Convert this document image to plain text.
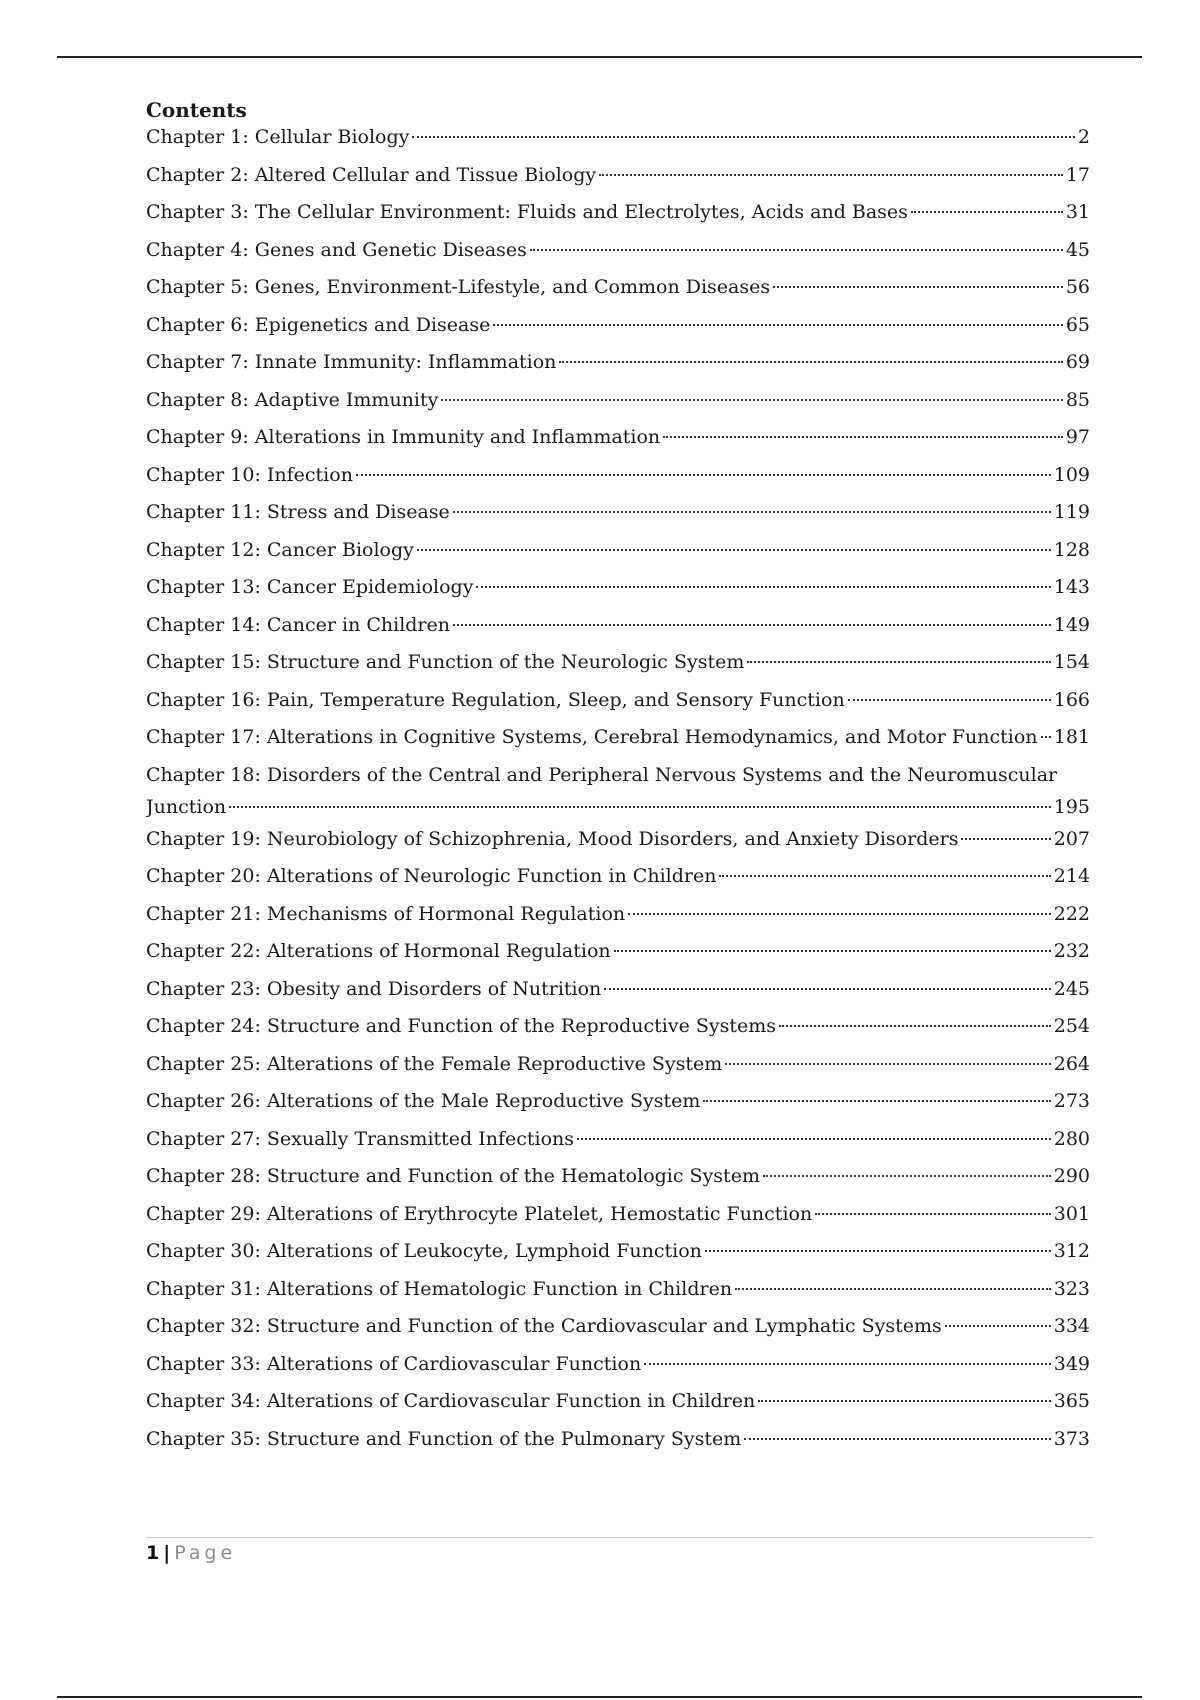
Contents
Chapter 1: Cellular Biology	2
Chapter 2: Altered Cellular and Tissue Biology	17
Chapter 3: The Cellular Environment: Fluids and Electrolytes, Acids and Bases	31
Chapter 4: Genes and Genetic Diseases	45
Chapter 5: Genes, Environment-Lifestyle, and Common Diseases	56
Chapter 6: Epigenetics and Disease	65
Chapter 7: Innate Immunity: Inflammation	69
Chapter 8: Adaptive Immunity	85
Chapter 9: Alterations in Immunity and Inflammation	97
Chapter 10: Infection	109
Chapter 11: Stress and Disease	119
Chapter 12: Cancer Biology	128
Chapter 13: Cancer Epidemiology	143
Chapter 14: Cancer in Children	149
Chapter 15: Structure and Function of the Neurologic System	154
Chapter 16: Pain, Temperature Regulation, Sleep, and Sensory Function	166
Chapter 17: Alterations in Cognitive Systems, Cerebral Hemodynamics, and Motor Function 181
Chapter 18: Disorders of the Central and Peripheral Nervous Systems and the Neuromuscular
Junction	195
Chapter 19: Neurobiology of Schizophrenia, Mood Disorders, and Anxiety Disorders	207
Chapter 20: Alterations of Neurologic Function in Children	214
Chapter 21: Mechanisms of Hormonal Regulation	222
Chapter 22: Alterations of Hormonal Regulation	232
Chapter 23: Obesity and Disorders of Nutrition	245
Chapter 24: Structure and Function of the Reproductive Systems	254
Chapter 25: Alterations of the Female Reproductive System	264
Chapter 26: Alterations of the Male Reproductive System	273
Chapter 27: Sexually Transmitted Infections	280
Chapter 28: Structure and Function of the Hematologic System	290
Chapter 29: Alterations of Erythrocyte Platelet, Hemostatic Function	301
Chapter 30: Alterations of Leukocyte, Lymphoid Function	312
Chapter 31: Alterations of Hematologic Function in Children	323
Chapter 32: Structure and Function of the Cardiovascular and Lymphatic Systems	334
Chapter 33: Alterations of Cardiovascular Function	349
Chapter 34: Alterations of Cardiovascular Function in Children	365
Chapter 35: Structure and Function of the Pulmonary System	373
1 | Page
